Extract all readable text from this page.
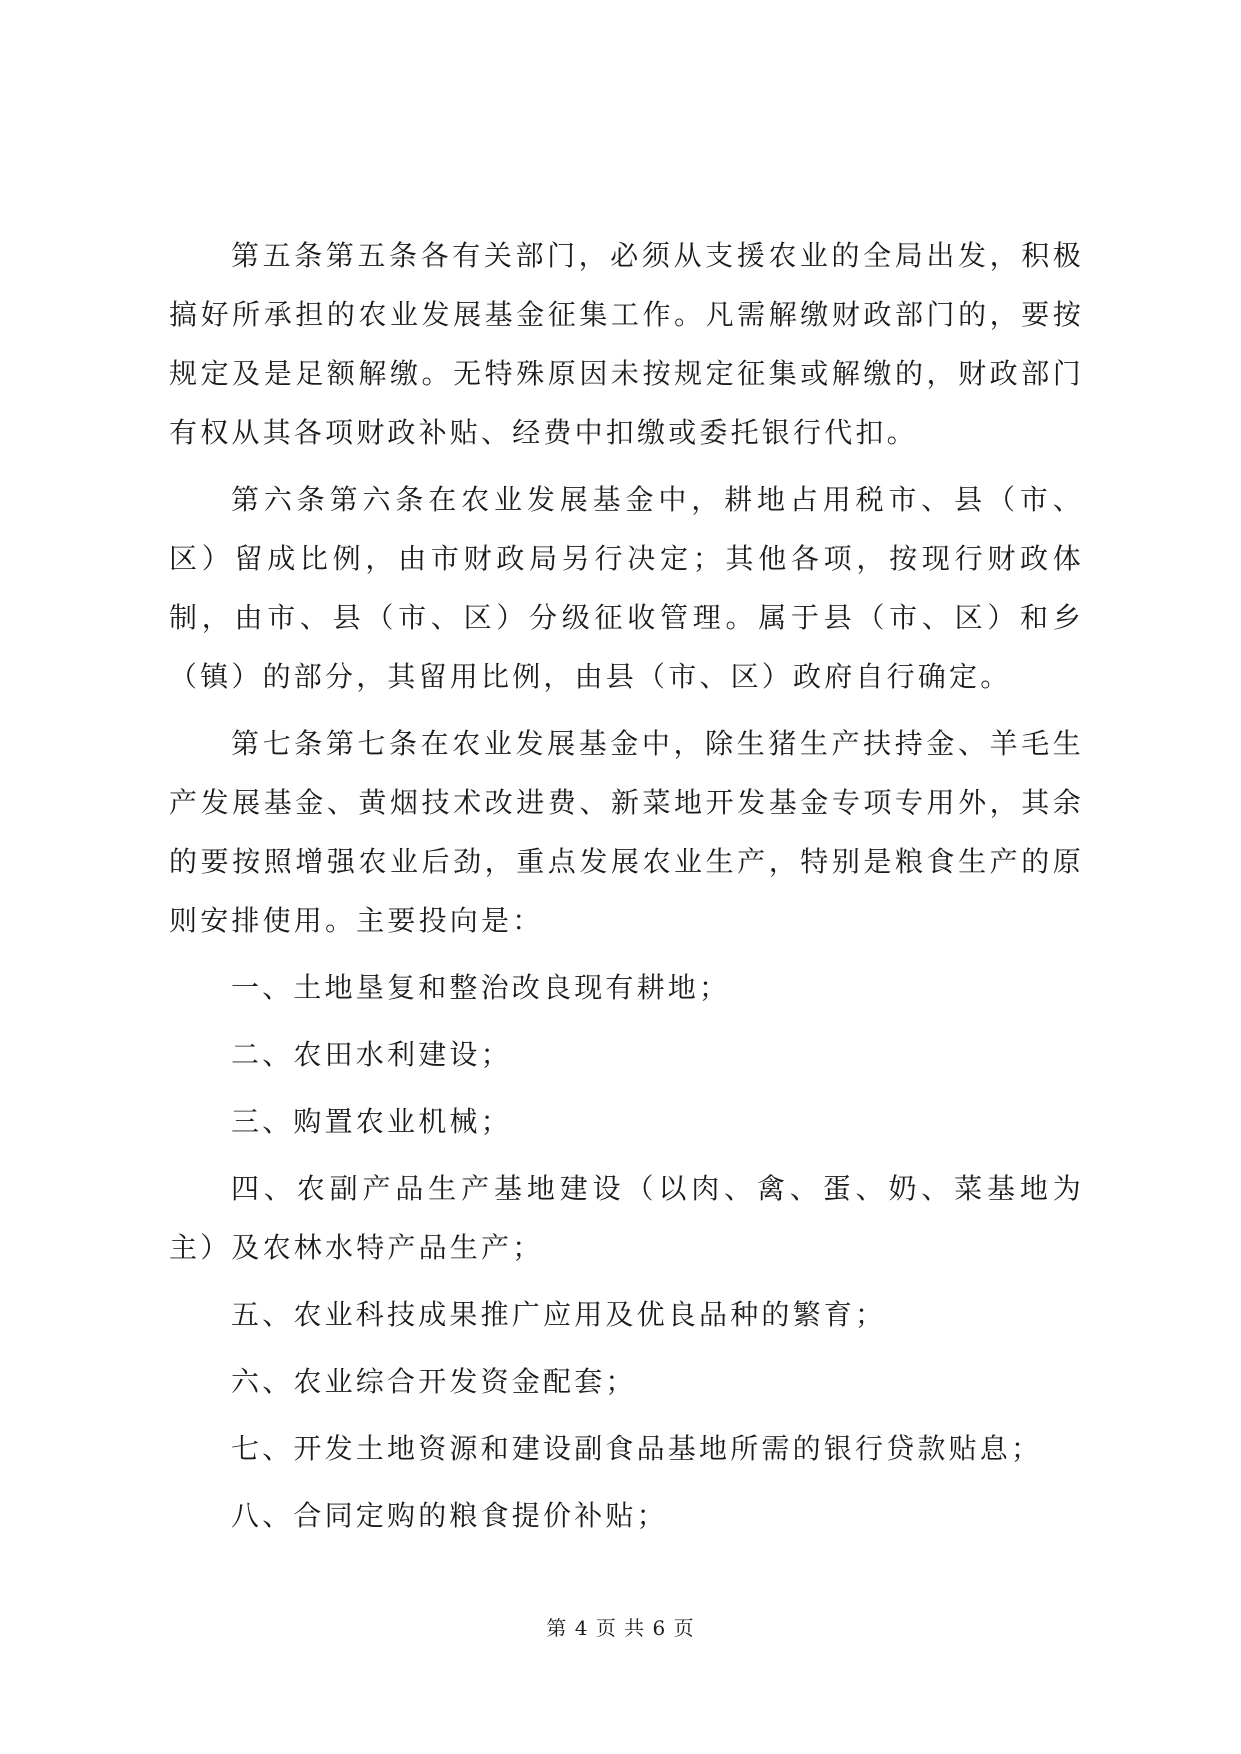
第五条第五条各有关部门，必须从支援农业的全局出发，积极搞好所承担的农业发展基金征集工作。凡需解缴财政部门的，要按规定及是足额解缴。无特殊原因未按规定征集或解缴的，财政部门有权从其各项财政补贴、经费中扣缴或委托银行代扣。

第六条第六条在农业发展基金中，耕地占用税市、县（市、区）留成比例，由市财政局另行决定；其他各项，按现行财政体制，由市、县（市、区）分级征收管理。属于县（市、区）和乡（镇）的部分，其留用比例，由县（市、区）政府自行确定。

第七条第七条在农业发展基金中，除生猪生产扶持金、羊毛生产发展基金、黄烟技术改进费、新菜地开发基金专项专用外，其余的要按照增强农业后劲，重点发展农业生产，特别是粮食生产的原则安排使用。主要投向是：

一、土地垦复和整治改良现有耕地；

二、农田水利建设；

三、购置农业机械；

四、农副产品生产基地建设（以肉、禽、蛋、奶、菜基地为主）及农林水特产品生产；

五、农业科技成果推广应用及优良品种的繁育；

六、农业综合开发资金配套；

七、开发土地资源和建设副食品基地所需的银行贷款贴息；

八、合同定购的粮食提价补贴；

第 4 页 共 6 页
